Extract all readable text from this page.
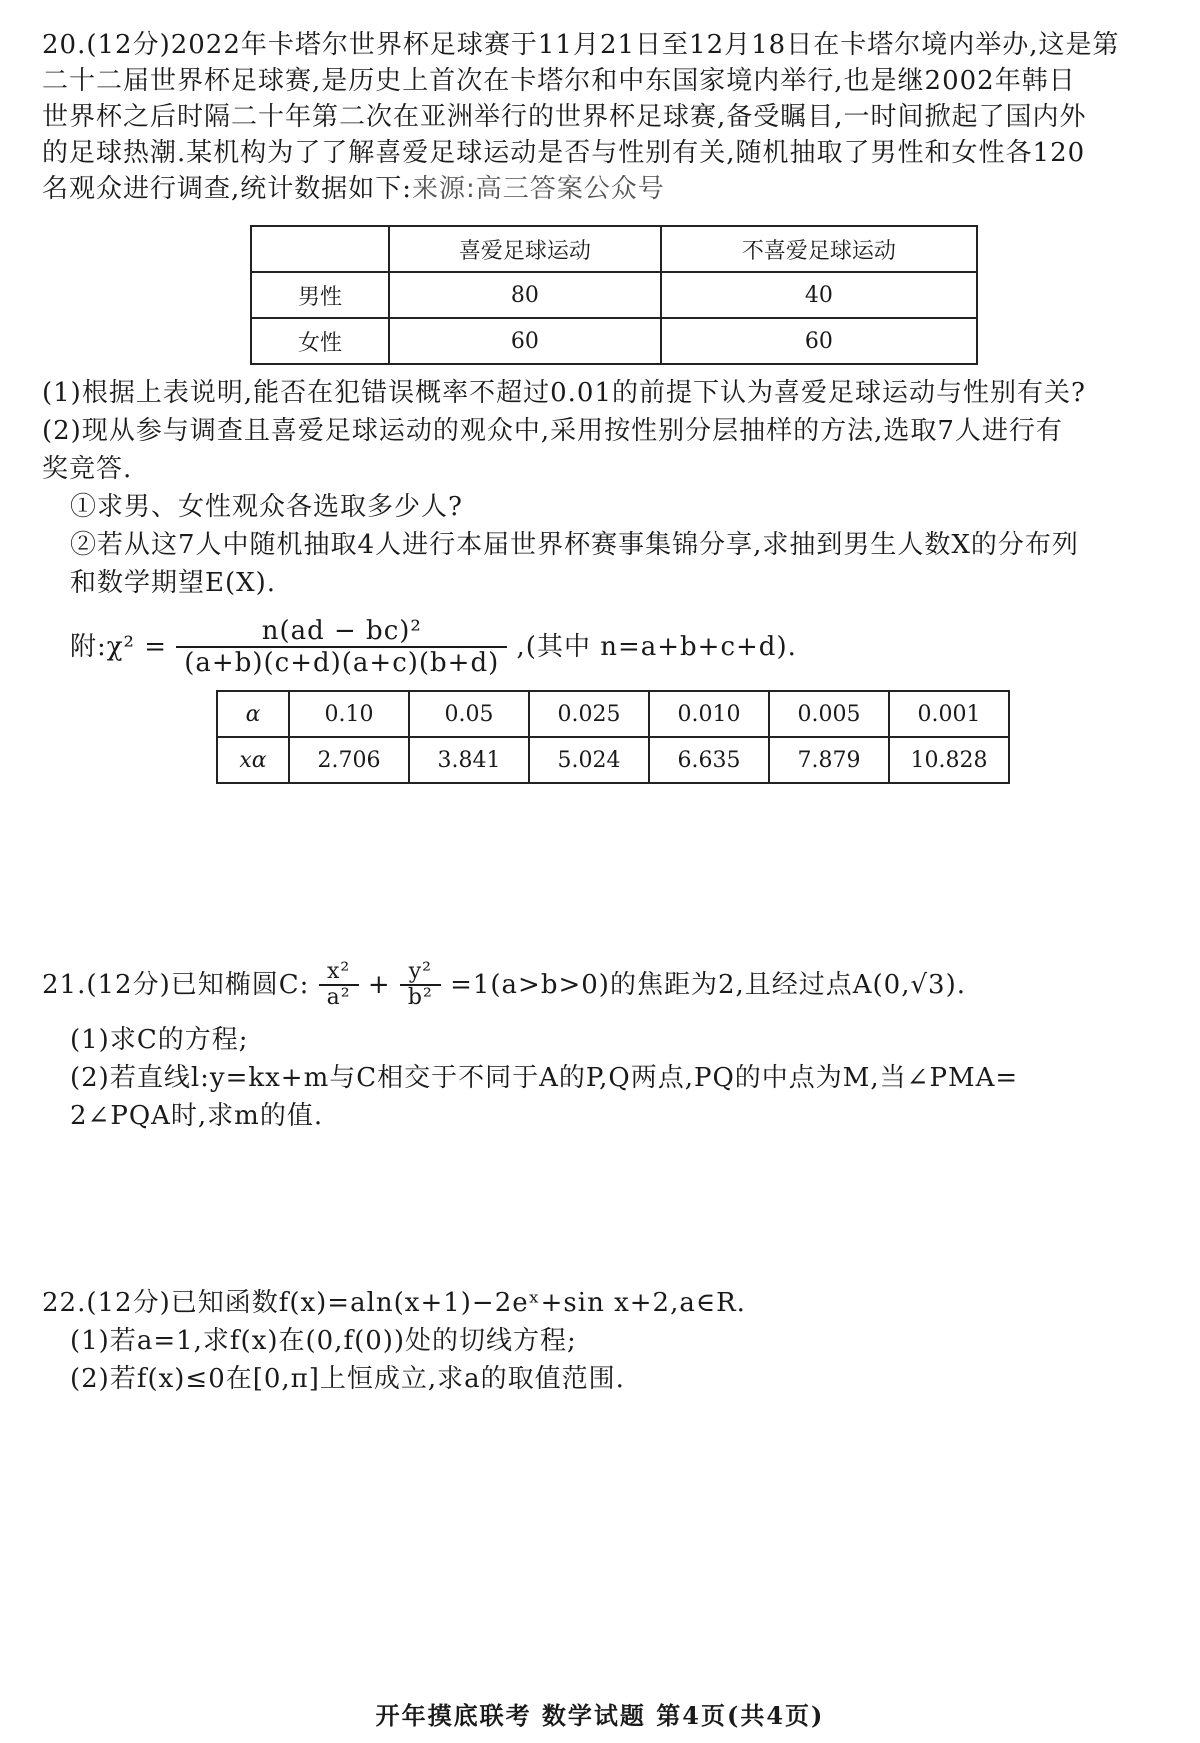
20.(12分)2022年卡塔尔世界杯足球赛于11月21日至12月18日在卡塔尔境内举办,这是第
二十二届世界杯足球赛,是历史上首次在卡塔尔和中东国家境内举行,也是继2002年韩日
世界杯之后时隔二十年第二次在亚洲举行的世界杯足球赛,备受瞩目,一时间掀起了国内外
的足球热潮.某机构为了了解喜爱足球运动是否与性别有关,随机抽取了男性和女性各120
名观众进行调查,统计数据如下:来源:高三答案公众号
	喜爱足球运动	不喜爱足球运动
男性	80	40
女性	60	60
(1)根据上表说明,能否在犯错误概率不超过0.01的前提下认为喜爱足球运动与性别有关?
(2)现从参与调查且喜爱足球运动的观众中,采用按性别分层抽样的方法,选取7人进行有
奖竞答.
①求男、女性观众各选取多少人?
②若从这7人中随机抽取4人进行本届世界杯赛事集锦分享,求抽到男生人数X的分布列
和数学期望E(X).
附:χ² = $\frac{\text{n(ad − bc)²}}{(a+b)(c+d)(a+c)(b+d)}$ ,(其中 n=a+b+c+d).
α	0.10	0.05	0.025	0.010	0.005	0.001
xα	2.706	3.841	5.024	6.635	7.879	10.828
21.(12分)已知椭圆C: $\frac{\text{x²}}{\text{a²}} + \frac{\text{y²}}{\text{b²}} =1(a>b>0)$的焦距为2,且经过点A(0,√3).
(1)求C的方程;
(2)若直线l:y=kx+m与C相交于不同于A的P,Q两点,PQ的中点为M,当∠PMA=
2∠PQA时,求m的值.
22.(12分)已知函数f(x)=aln(x+1)−2eˣ+sin x+2,a∈R.
(1)若a=1,求f(x)在(0,f(0))处的切线方程;
(2)若f(x)≤0在[0,π]上恒成立,求a的取值范围.
开年摸底联考 数学试题 第4页(共4页)
